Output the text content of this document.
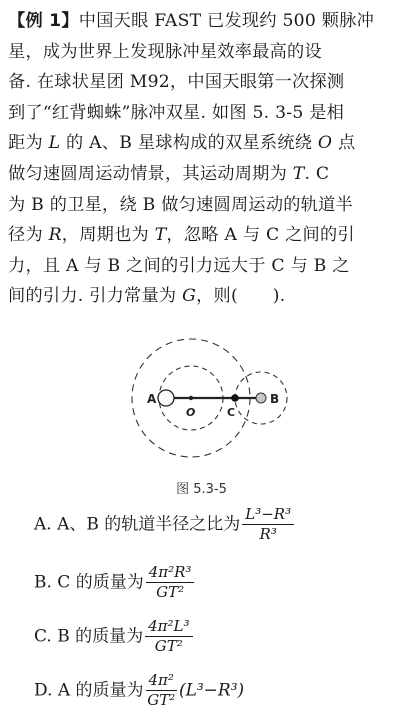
【例 1】中国天眼 FAST 已发现约 500 颗脉冲
星，成为世界上发现脉冲星效率最高的设
备. 在球状星团 M92，中国天眼第一次探测
到了“红背蜘蛛”脉冲双星. 如图 5. 3-5 是相
距为 L 的 A、B 星球构成的双星系统绕 O 点
做匀速圆周运动情景，其运动周期为 T. C
为 B 的卫星，绕 B 做匀速圆周运动的轨道半
径为 R，周期也为 T，忽略 A 与 C 之间的引
力，且 A 与 B 之间的引力远大于 C 与 B 之
间的引力. 引力常量为 G，则(　　).
A
O	C
B
图 5.3-5
A. A、B 的轨道半径之比为 $\frac{\text{L³−R³}}{\text{R³}}$
B. C 的质量为 $\frac{\text{4π²R³}}{\text{GT²}}$
C. B 的质量为 $\frac{\text{4π²L³}}{\text{GT²}}$
D. A 的质量为 $\frac{\text{4π²}}{\text{GT²}} (L^3-R^3)$
